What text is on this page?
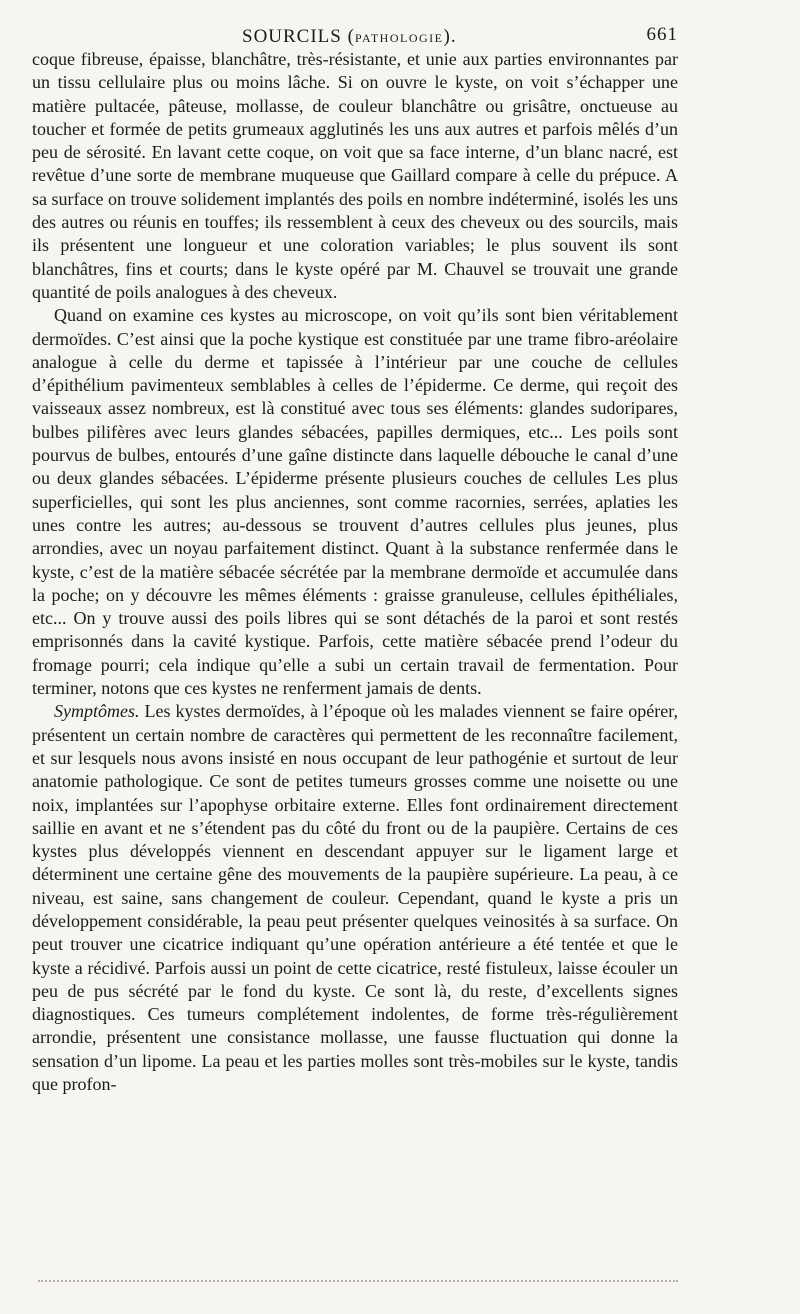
SOURCILS (PATHOLOGIE).	661

coque fibreuse, épaisse, blanchâtre, très-résistante, et unie aux parties environnantes par un tissu cellulaire plus ou moins lâche. Si on ouvre le kyste, on voit s’échapper une matière pultacée, pâteuse, mollasse, de couleur blanchâtre ou grisâtre, onctueuse au toucher et formée de petits grumeaux agglutinés les uns aux autres et parfois mêlés d’un peu de sérosité. En lavant cette coque, on voit que sa face interne, d’un blanc nacré, est revêtue d’une sorte de membrane muqueuse que Gaillard compare à celle du prépuce. A sa surface on trouve solidement implantés des poils en nombre indéterminé, isolés les uns des autres ou réunis en touffes; ils ressemblent à ceux des cheveux ou des sourcils, mais ils présentent une longueur et une coloration variables; le plus souvent ils sont blanchâtres, fins et courts; dans le kyste opéré par M. Chauvel se trouvait une grande quantité de poils analogues à des cheveux.

Quand on examine ces kystes au microscope, on voit qu’ils sont bien véritablement dermoïdes. C’est ainsi que la poche kystique est constituée par une trame fibro-aréolaire analogue à celle du derme et tapissée à l’intérieur par une couche de cellules d’épithélium pavimenteux semblables à celles de l’épiderme. Ce derme, qui reçoit des vaisseaux assez nombreux, est là constitué avec tous ses éléments: glandes sudoripares, bulbes pilifères avec leurs glandes sébacées, papilles dermiques, etc... Les poils sont pourvus de bulbes, entourés d’une gaîne distincte dans laquelle débouche le canal d’une ou deux glandes sébacées. L’épiderme présente plusieurs couches de cellules Les plus superficielles, qui sont les plus anciennes, sont comme racornies, serrées, aplaties les unes contre les autres; au-dessous se trouvent d’autres cellules plus jeunes, plus arrondies, avec un noyau parfaitement distinct. Quant à la substance renfermée dans le kyste, c’est de la matière sébacée sécrétée par la membrane dermoïde et accumulée dans la poche; on y découvre les mêmes éléments : graisse granuleuse, cellules épithéliales, etc... On y trouve aussi des poils libres qui se sont détachés de la paroi et sont restés emprisonnés dans la cavité kystique. Parfois, cette matière sébacée prend l’odeur du fromage pourri; cela indique qu’elle a subi un certain travail de fermentation. Pour terminer, notons que ces kystes ne renferment jamais de dents.

Symptômes. Les kystes dermoïdes, à l’époque où les malades viennent se faire opérer, présentent un certain nombre de caractères qui permettent de les reconnaître facilement, et sur lesquels nous avons insisté en nous occupant de leur pathogénie et surtout de leur anatomie pathologique. Ce sont de petites tumeurs grosses comme une noisette ou une noix, implantées sur l’apophyse orbitaire externe. Elles font ordinairement directement saillie en avant et ne s’étendent pas du côté du front ou de la paupière. Certains de ces kystes plus développés viennent en descendant appuyer sur le ligament large et déterminent une certaine gêne des mouvements de la paupière supérieure. La peau, à ce niveau, est saine, sans changement de couleur. Cependant, quand le kyste a pris un développement considérable, la peau peut présenter quelques veinosités à sa surface. On peut trouver une cicatrice indiquant qu’une opération antérieure a été tentée et que le kyste a récidivé. Parfois aussi un point de cette cicatrice, resté fistuleux, laisse écouler un peu de pus sécrété par le fond du kyste. Ce sont là, du reste, d’excellents signes diagnostiques. Ces tumeurs complétement indolentes, de forme très-régulièrement arrondie, présentent une consistance mollasse, une fausse fluctuation qui donne la sensation d’un lipome. La peau et les parties molles sont très-mobiles sur le kyste, tandis que profon-
